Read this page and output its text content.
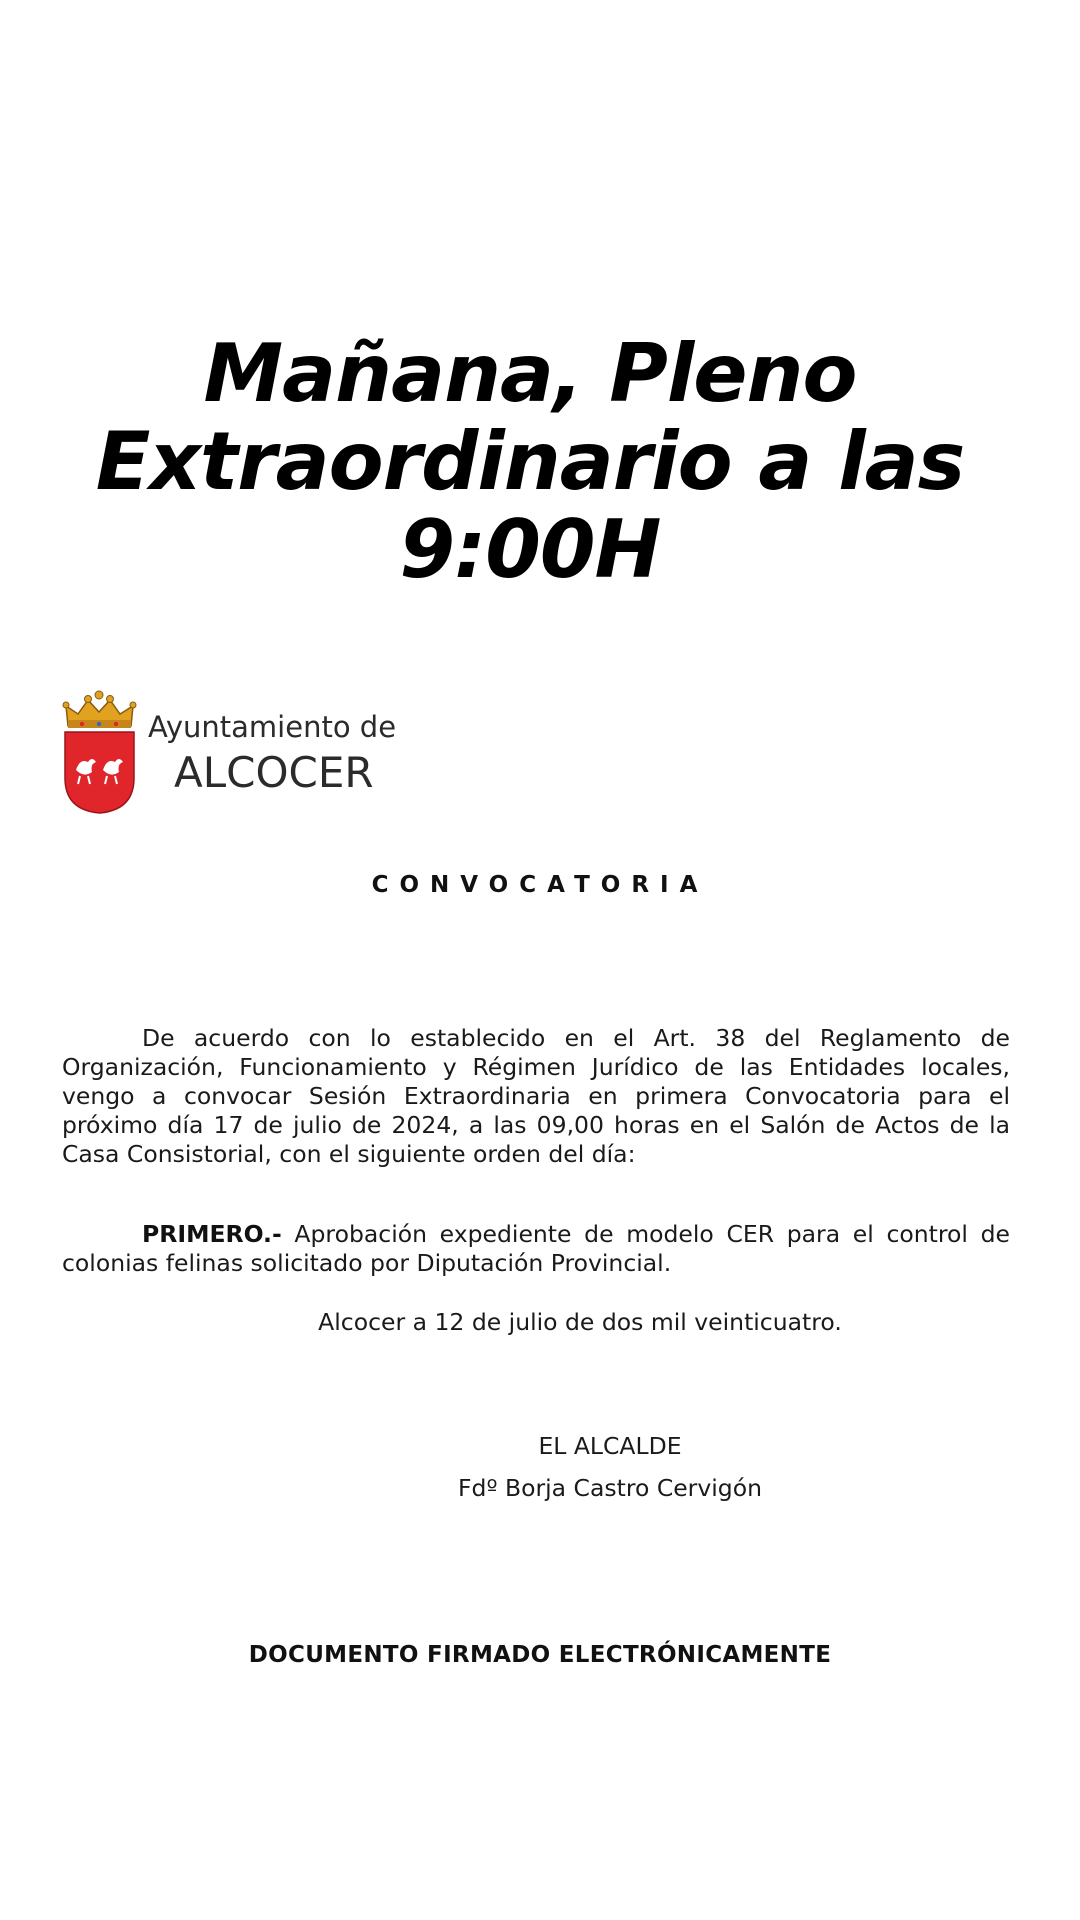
Mañana, Pleno
Extraordinario a las
9:00H
Ayuntamiento de
ALCOCER
CONVOCATORIA

De acuerdo con lo establecido en el Art. 38 del Reglamento de Organización, Funcionamiento y Régimen Jurídico de las Entidades locales, vengo a convocar Sesión Extraordinaria en primera Convocatoria para el próximo día 17 de julio de 2024, a las 09,00 horas en el Salón de Actos de la Casa Consistorial, con el siguiente orden del día:

PRIMERO.- Aprobación expediente de modelo CER para el control de colonias felinas solicitado por Diputación Provincial.

Alcocer a 12 de julio de dos mil veinticuatro.
EL ALCALDE
Fdº Borja Castro Cervigón
DOCUMENTO FIRMADO ELECTRÓNICAMENTE
